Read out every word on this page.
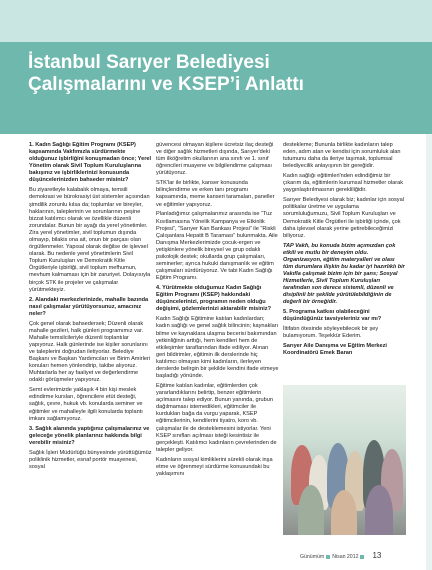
İstanbul Sarıyer Belediyesi
Çalışmalarını ve KSEP’i Anlattı

1. Kadın Sağlığı Eğitim Programı (KSEP) kapsamında Vakfımızla sürdürmekte olduğunuz işbirliğini konuşmadan önce; Yerel Yönetim olarak Sivil Toplum Kuruluşlarına bakışınız ve işbirliklerinizi konusunda düşüncelerinizden bahseder misiniz?

Bu ziyaretleyle kalabalık olmaya, temsili demokrasi ve bürokrasiyi üst sistemler açısından şimdilik zorunlu kılsa da; toplumlar ve bireyler, haklarının, taleplerinin ve sorunlarının peşine bizzat katılımcı olarak ve özellikle düzenli zorundalar. Bunun bir ayağı da yerel yönetimler. Zira yerel yönetimler, sivil toplumun dışında olmayıp, bilakis ona ait, onun bir parçası olan örgütlenmeler. Yapısal olarak değilse de işlevsel olarak. Bu nedenle yerel yönetimlerin Sivil Toplum Kuruluşları ve Demokratik Kitle Örgütleriyle işbirliği, sivil toplum mefhumun, mevhum kalmaması için bir zaruriyet. Dolayısıyla birçok STK ile projeler ve çalışmalar yürütmekteyiz.

2. Alandaki merkezlerinizde, mahalle bazında nasıl çalışmalar yürütüyorsunuz, amacınız neler?

Çok genel olarak bahsedersek; Düzenli olarak mahalle gezileri, halk günleri programımız var. Mahalle temsilcileriyle düzenli toplantılar yapıyoruz. Halk günlerinde ise kişiler sorunlarını ve taleplerini doğrudan iletiyorlar. Belediye Başkanı ve Başkan Yardımcıları ve Birim Amirleri konuları hemen yönlendirip, takibe alıyoruz. Muhtarlarla her ay faaliyet ve değerlendirme odaklı görüşmeler yapıyoruz.

Semt evlerimizde yaklaşık 4 bin kişi meslek edindirme kursları, öğrencilere etüt desteği, sağlık, çevre, hukuk vb. konularda seminer ve eğitimler ve mahalleyle ilgili konularda toplantı imkanı sağlamıyoruz.

3. Sağlık alanında yaptığınız çalışmalarınız ve geleceğe yönelik planlarınız hakkında bilgi verebilir misiniz?

Sağlık İşleri Müdürlüğü bünyesinde yürüttüğümüz poliklinik hizmetler, esnaf portör muayenesi, sosyal

güvencesi olmayan kişilere ücretsiz ilaç desteği ve diğer sağlık hizmetleri dışında, Sarıyer'deki tüm ilköğretim okullarının ana sınıfı ve 1. sınıf öğrencileri muayene ve bilgilendirme çalışması yürütüyoruz.

STK'lar ile birlikte, kanser konusunda bilinçlendirme ve erken tanı programı kapsamında, meme kanseri taramaları, paneller ve eğitimler yapıyoruz.

Planladığımız çalışmalarımız arasında ise “Tuz Kısıtlamasına Yönelik Kampanya ve Etkinlik Projesi”, “Sarıyer Kan Bankası Projesi” ile “Riskli Çalışanlara Hepatit B Taraması” bulunmakta. Aile Danışma Merkezlerimizde çocuk-ergen ve yetişkinlere yönelik bireysel ve grup odaklı psikolojik destek; okullarda grup çalışmaları, seminerler; ayrıca hukuki danışmanlık ve eğitim çalışmaları sürdürüyoruz. Ve tabi Kadın Sağlığı Eğitim Programı.

4. Yürütmekte olduğumuz Kadın Sağlığı Eğitim Programı (KSEP) hakkındaki düşüncelerinizi, programın neden olduğu değişimi, gözlemlerinizi aktarabilir misiniz?

Kadın Sağlığı Eğitimine katılan kadınlardan; kadın sağlığı ve genel sağlık bilincinin; kaynakları bilme ve kaynaklara ulaşma becerisi bakımından yetkinliğinin arttığı, hem kendileri hem de etkileşimler taraflarından ifade ediliyor. Alınan geri bildirimler, eğitimin ilk derslerinde hiç katılımcı olmayan kimi kadınların, ilerleyen derslerde belirgin bir şekilde kendini ifade etmeye başladığı yönünde.

Eğitime katılan kadınlar, eğitimlerden çok yararlandıklarını belirtip, benzer eğitimlerin açılmasını talep ediyor. Bunun yanında, grubun dağılmaması istemedikleri, eğitimciler ile kurdukları bağa da vurgu yaparak, KSEP eğitimcilerinin, kendilerini tiyatro, koro vb. çalışmalar ile de desteklemesini istiyorlar. Yeni KSEP sınıfları açılması isteği kesintisiz ile gerçekleşti. Katılımcı kadınların çevrelerinden de talepler geliyor.

Kadınların sosyal kimliklerini sürekli olarak inşa etme ve öğrenmeyi sürdürme konusundaki bu yaklaşımını

destekleme; Bununla birlikte kadınların talep eden, adım atan ve kendisi için sorumluluk alan tutumunu daha da ileriye taşımak, toplumsal belediyecilik anlayışının bir gereğidir.

Kadın sağlığı eğitimleri'nden edindiğimiz bir çıkarım da, eğitimlerin kurumsal hizmetler olarak yaygınlaştırılmasının gerekliliğidir.

Sarıyer Belediyesi olarak biz; kadınlar için sosyal politikalar üretme ve uygulama sorumluluğumuzu, Sivil Toplum Kuruluşları ve Demokratik Kitle Örgütleri ile işbirliği içinde, çok daha işlevsel olarak yerine getirebileceğimizi biliyoruz.

TAP Vakfı, bu konuda bizim açımızdan çok etkili ve mutlu bir deneyim oldu. Organizasyon, eğitim materyalleri ve olası tüm durumlara ilişkin bu kadar iyi hazırlıklı bir Vakıfla çalışmak bizim için bir şans; Sosyal Hizmetlerle, Sivil Toplum Kuruluşları tarafından son derece sistemli, düzenli ve disiplinli bir şekilde yürütülebildiğinin de değerli bir örneğidir.

5. Programa katkısı olabileceğini düşündüğünüz tavsiyeleriniz var mı?

İltifatın ötesinde söyleyebilecek bir şey bulamıyorum. Teşekkür Ederim.

Sarıyer Aile Danışma ve Eğitim Merkezi Koordinatörü Emek Baran

Günümüm Nisan 2012 13
